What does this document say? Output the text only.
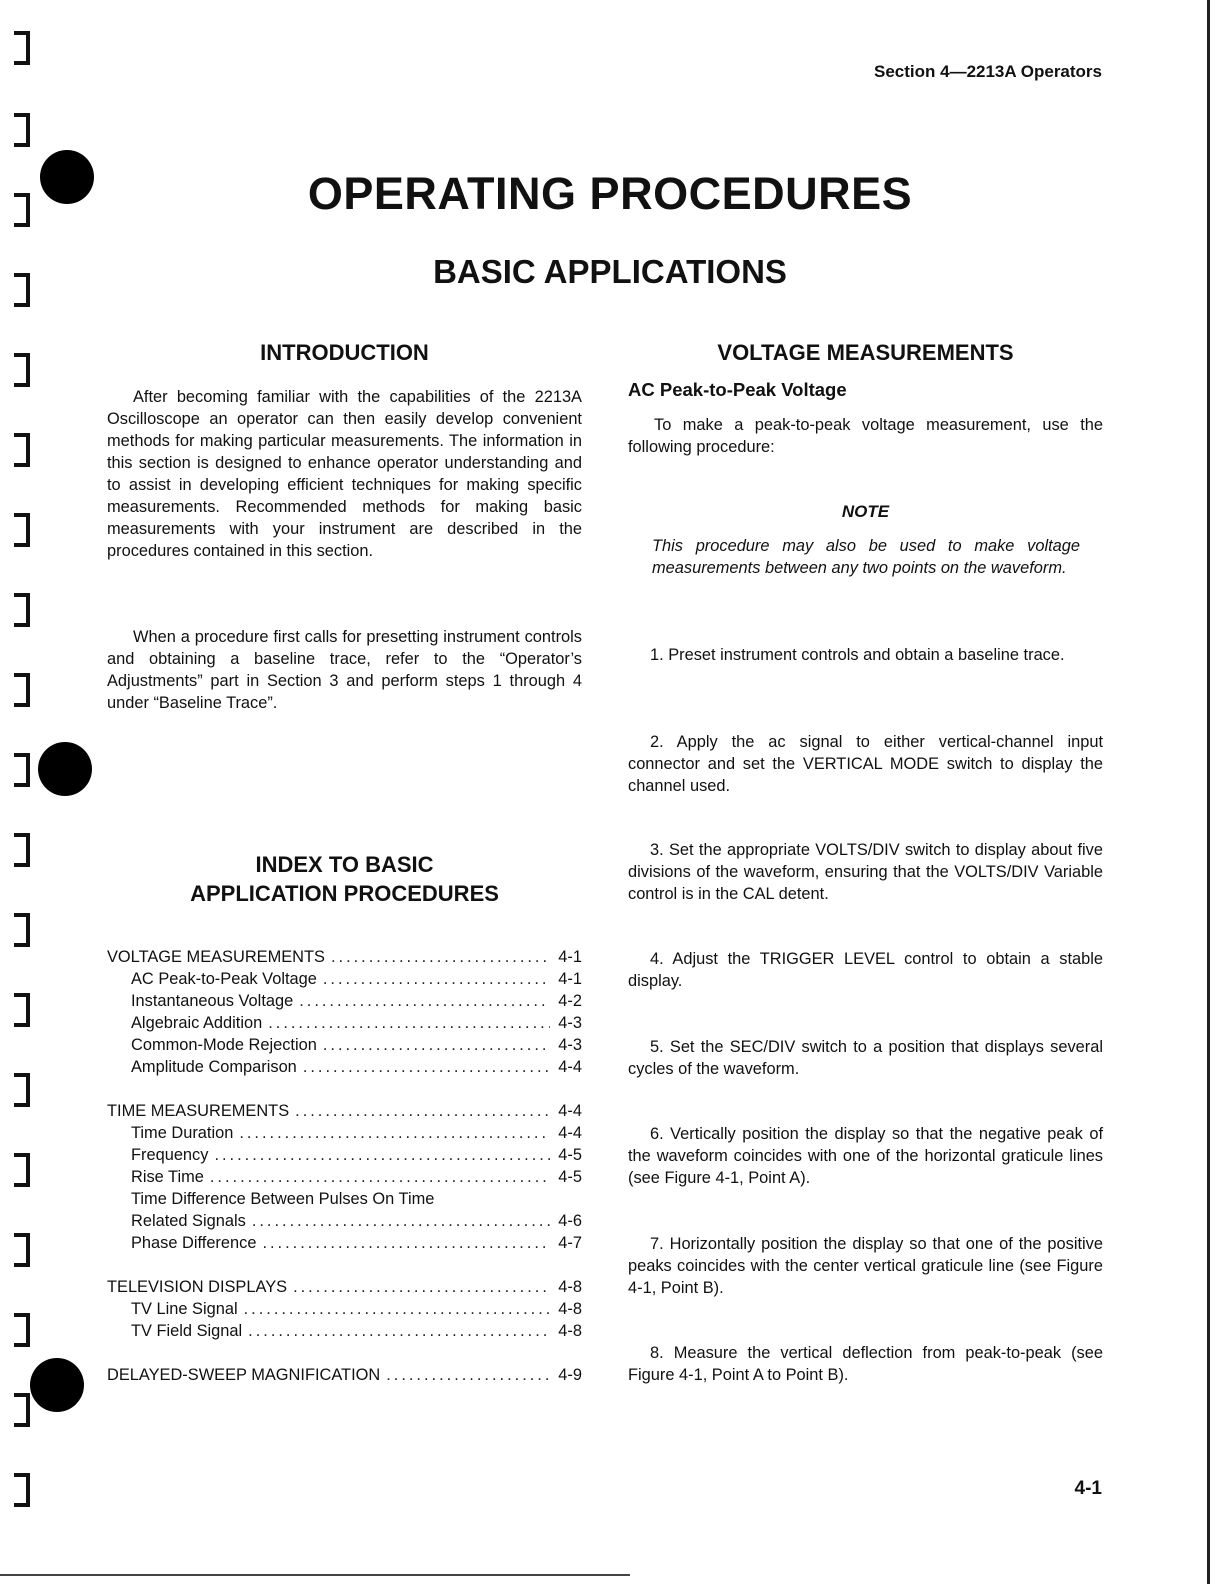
Section 4—2213A Operators
OPERATING PROCEDURES
BASIC APPLICATIONS
INTRODUCTION

After becoming familiar with the capabilities of the 2213A Oscilloscope an operator can then easily develop convenient methods for making particular measurements. The information in this section is designed to enhance operator understanding and to assist in developing efficient techniques for making specific measurements. Recommended methods for making basic measurements with your instrument are described in the procedures contained in this section.

When a procedure first calls for presetting instrument controls and obtaining a baseline trace, refer to the “Operator’s Adjustments” part in Section 3 and perform steps 1 through 4 under “Baseline Trace”.

INDEX TO BASIC
APPLICATION PROCEDURES
VOLTAGE MEASUREMENTS .....	4-1
AC Peak-to-Peak Voltage .....	4-1
Instantaneous Voltage .....	4-2
Algebraic Addition .....	4-3
Common-Mode Rejection .....	4-3
Amplitude Comparison .....	4-4
TIME MEASUREMENTS .....	4-4
Time Duration .....	4-4
Frequency .....	4-5
Rise Time .....	4-5
Time Difference Between Pulses On Time
Related Signals .....	4-6
Phase Difference .....	4-7
TELEVISION DISPLAYS .....	4-8
TV Line Signal .....	4-8
TV Field Signal .....	4-8
DELAYED-SWEEP MAGNIFICATION .....	4-9
VOLTAGE MEASUREMENTS
AC Peak-to-Peak Voltage

To make a peak-to-peak voltage measurement, use the following procedure:

NOTE
This procedure may also be used to make voltage measurements between any two points on the waveform.

1. Preset instrument controls and obtain a baseline trace.

2. Apply the ac signal to either vertical-channel input connector and set the VERTICAL MODE switch to display the channel used.

3. Set the appropriate VOLTS/DIV switch to display about five divisions of the waveform, ensuring that the VOLTS/DIV Variable control is in the CAL detent.

4. Adjust the TRIGGER LEVEL control to obtain a stable display.

5. Set the SEC/DIV switch to a position that displays several cycles of the waveform.

6. Vertically position the display so that the negative peak of the waveform coincides with one of the horizontal graticule lines (see Figure 4-1, Point A).

7. Horizontally position the display so that one of the positive peaks coincides with the center vertical graticule line (see Figure 4-1, Point B).

8. Measure the vertical deflection from peak-to-peak (see Figure 4-1, Point A to Point B).

4-1
